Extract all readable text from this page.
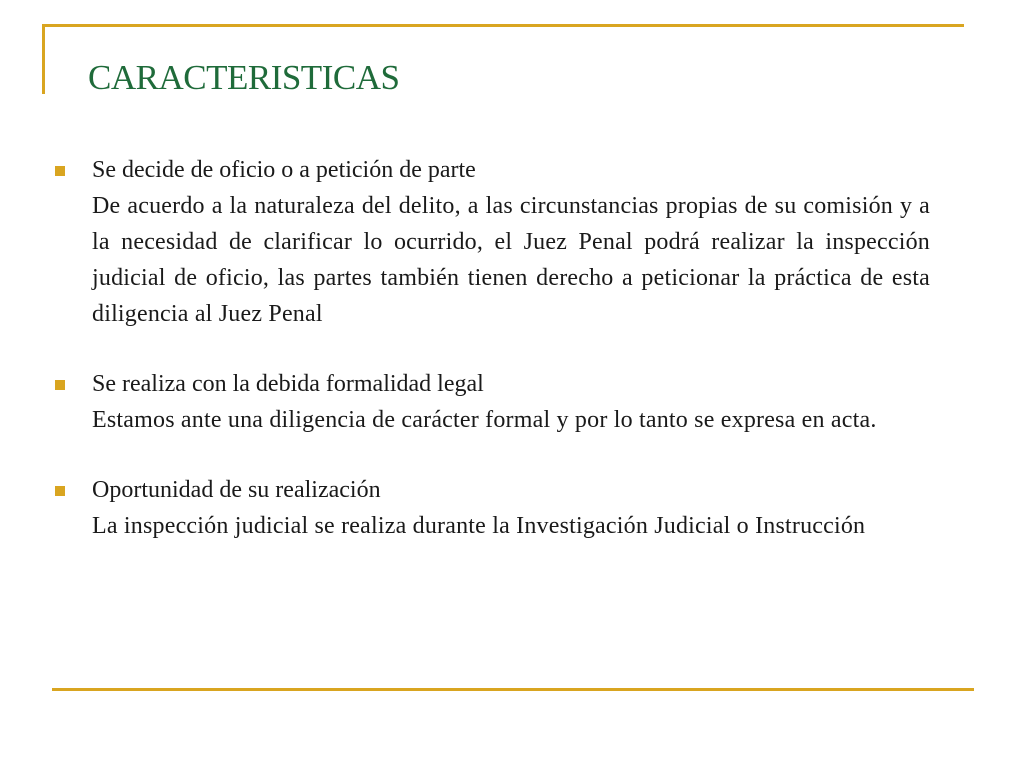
CARACTERISTICAS
Se decide de oficio o a petición de parte

De acuerdo a la naturaleza del delito, a las circunstancias propias de su comisión y a la necesidad de clarificar lo ocurrido, el Juez Penal podrá realizar la inspección judicial de oficio, las partes también tienen derecho a peticionar la práctica de esta diligencia al Juez Penal

Se realiza con la debida formalidad legal

Estamos ante una diligencia de carácter formal y por lo tanto se expresa en acta.

Oportunidad de su realización

La inspección judicial se realiza durante la Investigación Judicial o Instrucción
